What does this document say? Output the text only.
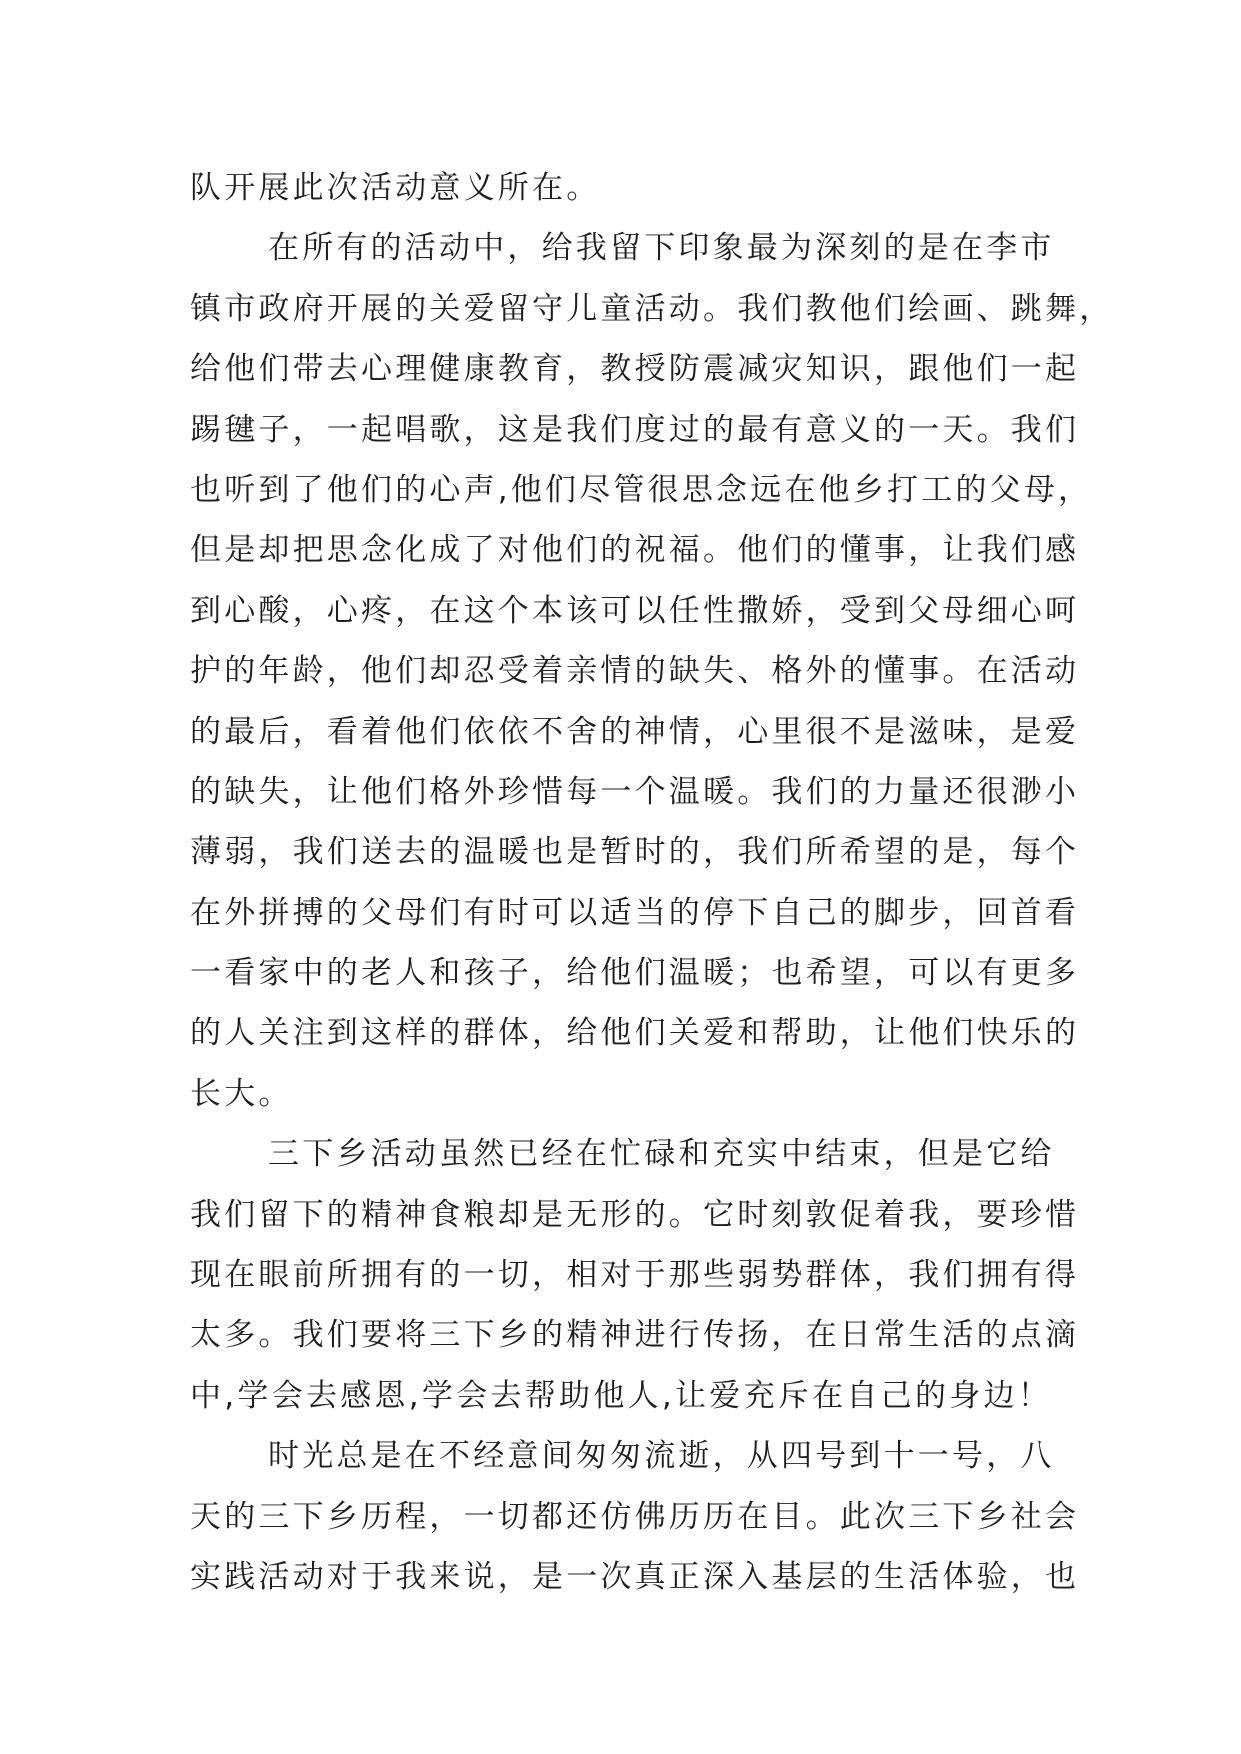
队开展此次活动意义所在。
在所有的活动中，给我留下印象最为深刻的是在李市
镇市政府开展的关爱留守儿童活动。我们教他们绘画、跳舞，
给他们带去心理健康教育，教授防震减灾知识，跟他们一起
踢毽子，一起唱歌，这是我们度过的最有意义的一天。我们
也听到了他们的心声,他们尽管很思念远在他乡打工的父母，
但是却把思念化成了对他们的祝福。他们的懂事，让我们感
到心酸，心疼，在这个本该可以任性撒娇，受到父母细心呵
护的年龄，他们却忍受着亲情的缺失、格外的懂事。在活动
的最后，看着他们依依不舍的神情，心里很不是滋味，是爱
的缺失，让他们格外珍惜每一个温暖。我们的力量还很渺小
薄弱，我们送去的温暖也是暂时的，我们所希望的是，每个
在外拼搏的父母们有时可以适当的停下自己的脚步，回首看
一看家中的老人和孩子，给他们温暖；也希望，可以有更多
的人关注到这样的群体，给他们关爱和帮助，让他们快乐的
长大。
三下乡活动虽然已经在忙碌和充实中结束，但是它给
我们留下的精神食粮却是无形的。它时刻敦促着我，要珍惜
现在眼前所拥有的一切，相对于那些弱势群体，我们拥有得
太多。我们要将三下乡的精神进行传扬，在日常生活的点滴
中,学会去感恩,学会去帮助他人,让爱充斥在自己的身边！
时光总是在不经意间匆匆流逝，从四号到十一号，八
天的三下乡历程，一切都还仿佛历历在目。此次三下乡社会
实践活动对于我来说，是一次真正深入基层的生活体验，也
